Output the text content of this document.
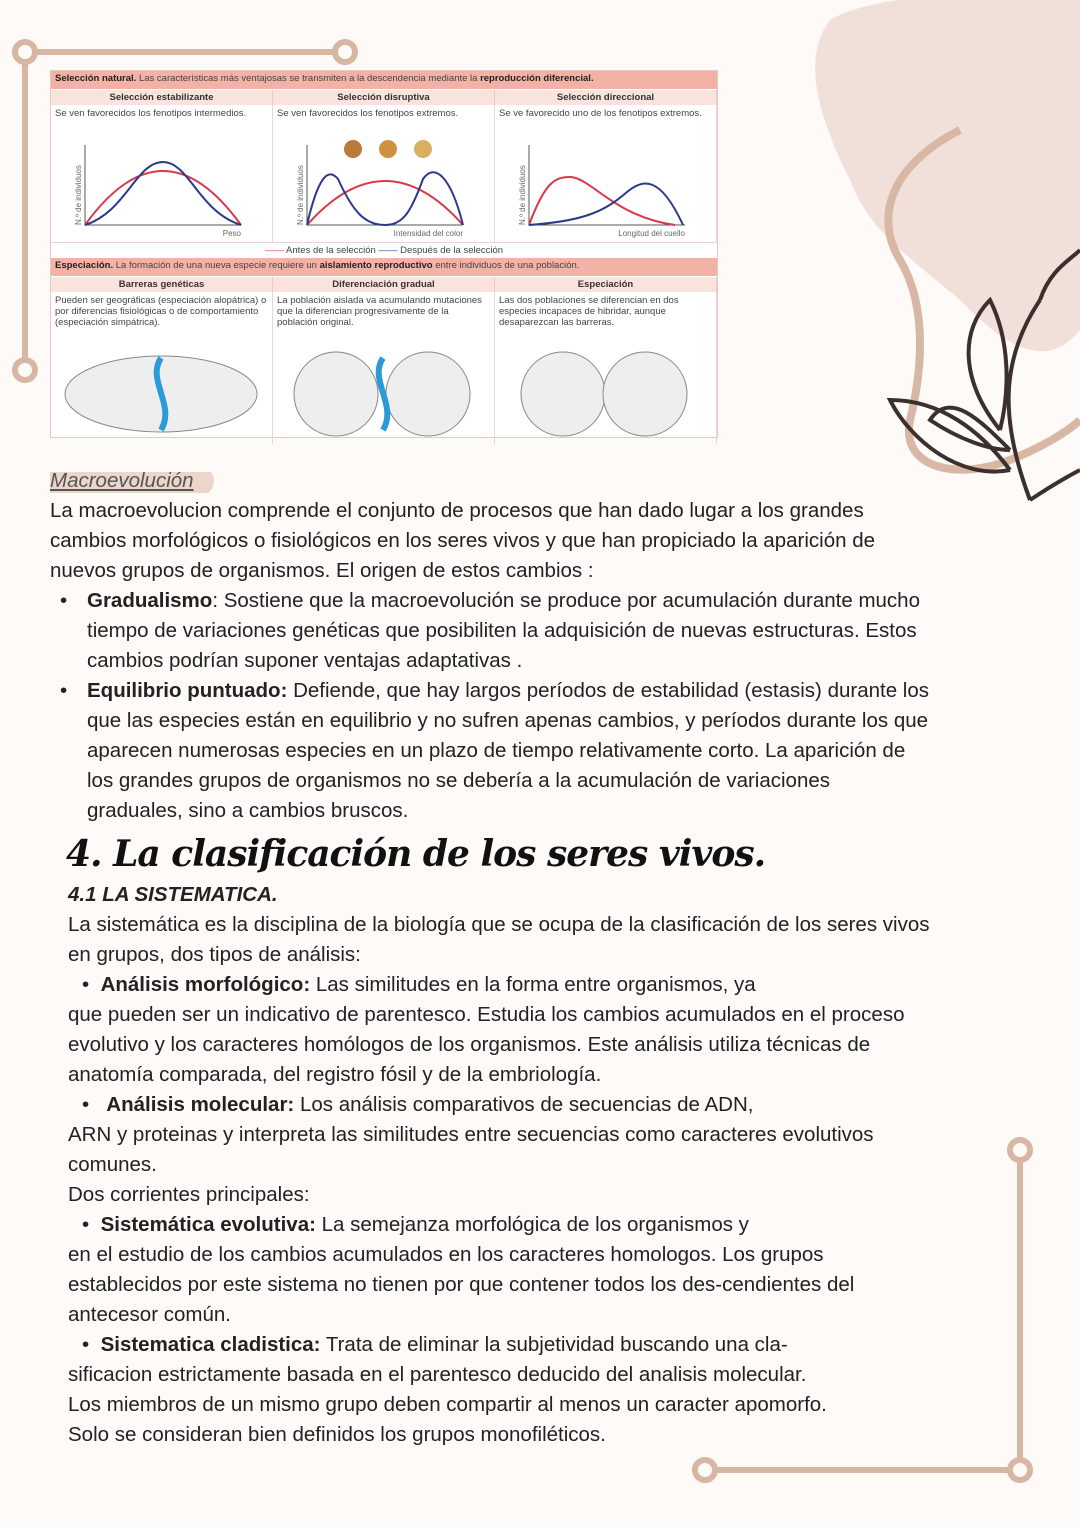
Selección natural. Las características más ventajosas se transmiten a la descendencia mediante la reproducción diferencial.
Selección estabilizante	Selección disruptiva	Selección direccional
Se ven favorecidos los fenotipos intermedios.
Peso
N.º de individuos
Se ven favorecidos los fenotipos extremos.
Intensidad del color
N.º de individuos
Se ve favorecido uno de los fenotipos extremos.
Longitud del cuello
N.º de individuos
—— Antes de la selección —— Después de la selección
Especiación. La formación de una nueva especie requiere un aislamiento reproductivo entre individuos de una población.
Barreras genéticas	Diferenciación gradual	Especiación
Pueden ser geográficas (especiación alopátrica) o por diferencias fisiológicas o de comportamiento (especiación simpátrica).
La población aislada va acumulando mutaciones que la diferencian progresivamente de la población original.
Las dos poblaciones se diferencian en dos especies incapaces de hibridar, aunque desaparezcan las barreras.

Macroevolución

La macroevolucion comprende el conjunto de procesos que han dado lugar a los grandes cambios morfológicos o fisiológicos en los seres vivos y que han propiciado la aparición de nuevos grupos de organismos. El origen de estos cambios :

• Gradualismo: Sostiene que la macroevolución se produce por acumulación durante mucho tiempo de variaciones genéticas que posibiliten la adquisición de nuevas estructuras. Estos cambios podrían suponer ventajas adaptativas .

• Equilibrio puntuado: Defiende, que hay largos períodos de estabilidad (estasis) durante los que las especies están en equilibrio y no sufren apenas cambios, y períodos durante los que aparecen numerosas especies en un plazo de tiempo relativamente corto. La aparición de los grandes grupos de organismos no se debería a la acumulación de variaciones graduales, sino a cambios bruscos.

4. La clasificación de los seres vivos.

4.1 LA SISTEMATICA.

La sistemática es la disciplina de la biología que se ocupa de la clasificación de los seres vivos en grupos, dos tipos de análisis:

•  Análisis morfológico: Las similitudes en la forma entre organismos, ya

que pueden ser un indicativo de parentesco. Estudia los cambios acumulados en el proceso evolutivo y los caracteres homólogos de los organismos. Este análisis utiliza técnicas de anatomía comparada, del registro fósil y de la embriología.

•   Análisis molecular: Los análisis comparativos de secuencias de ADN,

ARN y proteinas y interpreta las similitudes entre secuencias como caracteres evolutivos comunes.

Dos corrientes principales:

•  Sistemática evolutiva: La semejanza morfológica de los organismos y

en el estudio de los cambios acumulados en los caracteres homologos. Los grupos establecidos por este sistema no tienen por que contener todos los des-cendientes del antecesor común.

•  Sistematica cladistica: Trata de eliminar la subjetividad buscando una cla-

sificacion estrictamente basada en el parentesco deducido del analisis molecular. Los miembros de un mismo grupo deben compartir al menos un caracter apomorfo. Solo se consideran bien definidos los grupos monofiléticos.
